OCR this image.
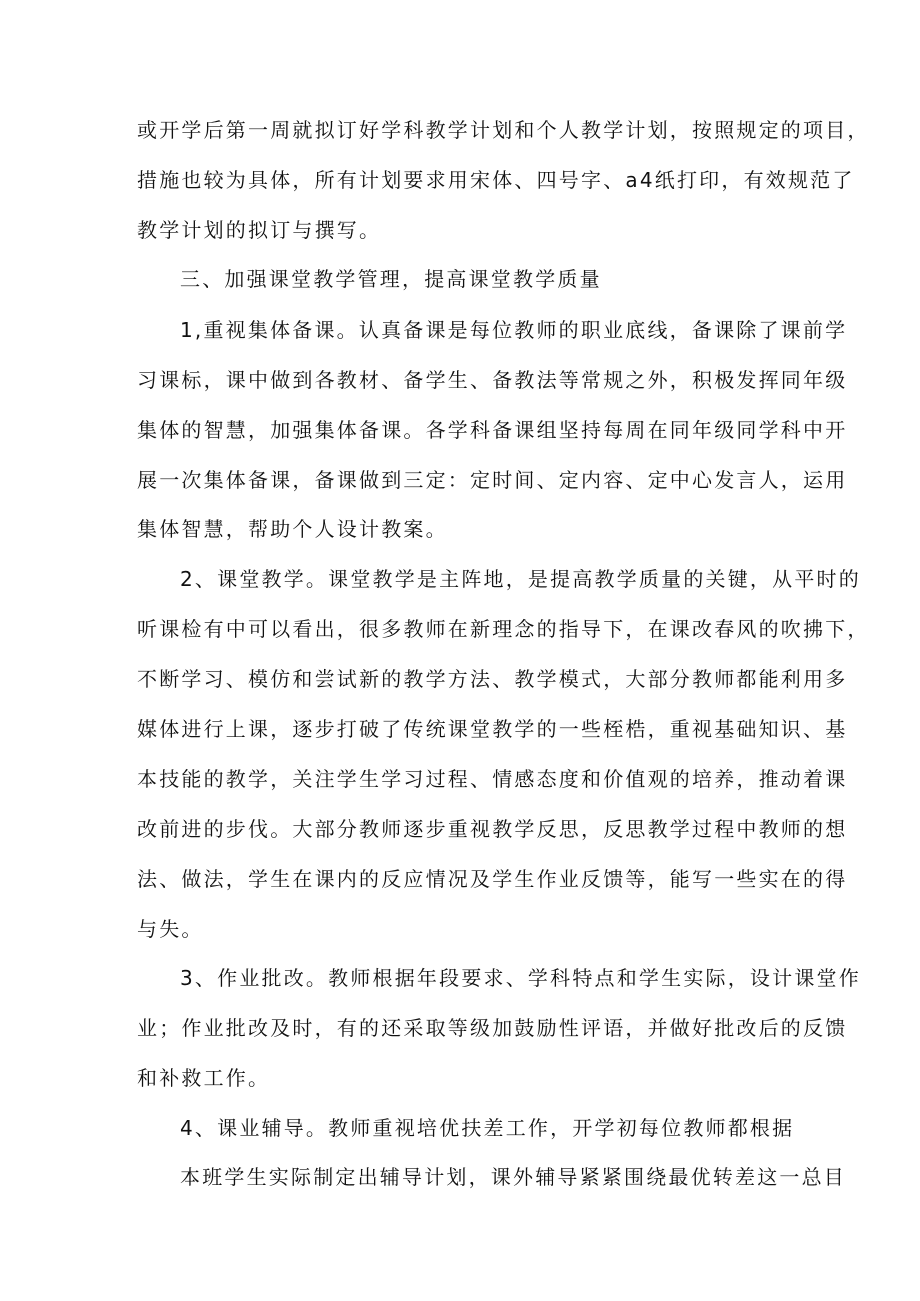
或开学后第一周就拟订好学科教学计划和个人教学计划，按照规定的项目，
措施也较为具体，所有计划要求用宋体、四号字、a4纸打印，有效规范了
教学计划的拟订与撰写。
三、加强课堂教学管理，提高课堂教学质量
1,重视集体备课。认真备课是每位教师的职业底线，备课除了课前学
习课标，课中做到各教材、备学生、备教法等常规之外，积极发挥同年级
集体的智慧，加强集体备课。各学科备课组坚持每周在同年级同学科中开
展一次集体备课，备课做到三定：定时间、定内容、定中心发言人，运用
集体智慧，帮助个人设计教案。
2、课堂教学。课堂教学是主阵地，是提高教学质量的关键，从平时的
听课检有中可以看出，很多教师在新理念的指导下，在课改春风的吹拂下，
不断学习、模仿和尝试新的教学方法、教学模式，大部分教师都能利用多
媒体进行上课，逐步打破了传统课堂教学的一些桎梏，重视基础知识、基
本技能的教学，关注学生学习过程、情感态度和价值观的培养，推动着课
改前进的步伐。大部分教师逐步重视教学反思，反思教学过程中教师的想
法、做法，学生在课内的反应情况及学生作业反馈等，能写一些实在的得
与失。
3、作业批改。教师根据年段要求、学科特点和学生实际，设计课堂作
业；作业批改及时，有的还采取等级加鼓励性评语，并做好批改后的反馈
和补救工作。
4、课业辅导。教师重视培优扶差工作，开学初每位教师都根据
本班学生实际制定出辅导计划，课外辅导紧紧围绕最优转差这一总目
